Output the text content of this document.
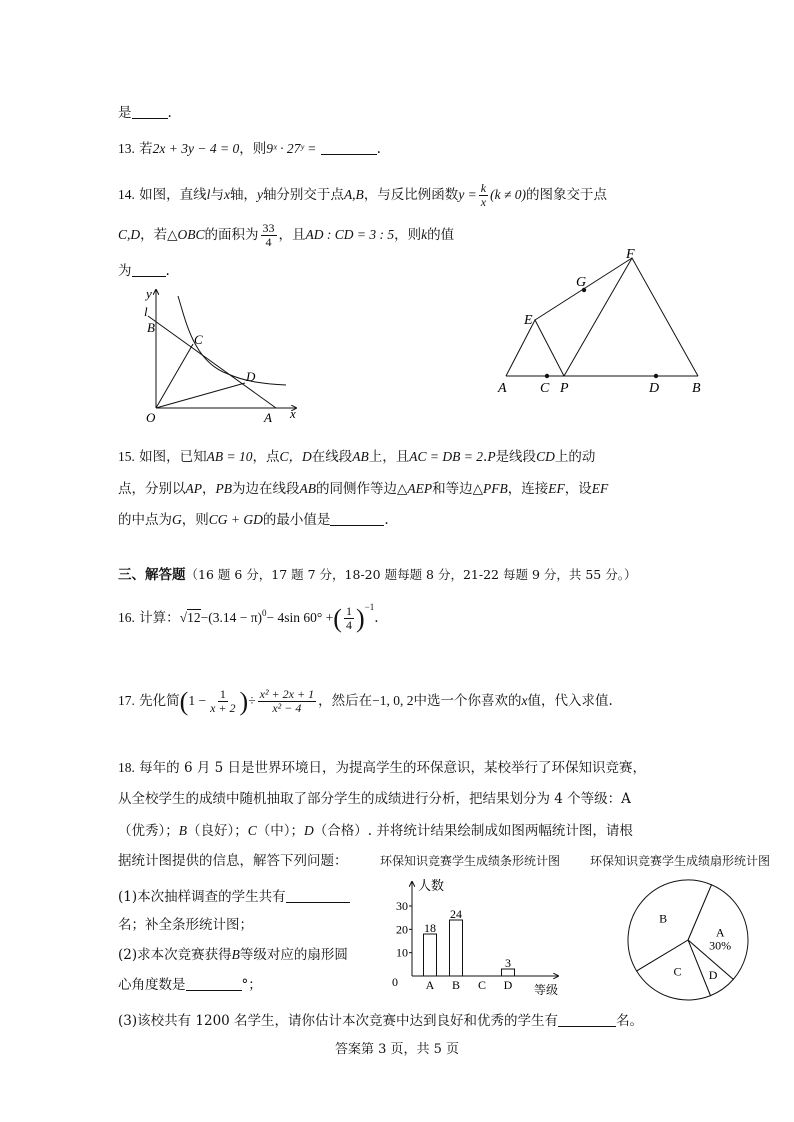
是	.
13. 若2x + 3y − 4 = 0，则9ˣ · 27ʸ =	.
14. 如图，直线l与x轴，y轴分别交于点A,B，与反比例函数$y = \frac{k}{x} (k \ne 0)$的图象交于点
C,D，若△OBC的面积为 $\frac{33}{4}$ ，且AD : CD = 3 : 5，则k的值
为	.
y
l
B
C
D
O	A x
F
G
E
A C P	D B
15. 如图，已知AB = 10，点C，D在线段AB上，且AC = DB = 2.P是线段CD上的动
点，分别以AP，PB为边在线段AB的同侧作等边△AEP和等边△PFB，连接EF，设EF
的中点为G，则CG + GD的最小值是	.
三、解答题（16 题 6 分，17 题 7 分，18-20 题每题 8 分，21-22 每题 9 分，共 55 分。）
16. 计算：$√12-(3.14 - \pi)^0- 4\sin$ 60° +( $\frac{1}{4} )^{-1}$.
17. 先化简($1 - \frac{1}{x + 2}$ )÷ $\frac{\text{x² + 2x + 1}}{\text{x² − 4}}$ ，然后在−1, 0, 2中选一个你喜欢的x值，代入求值.
18. 每年的 6 月 5 日是世界环境日，为提高学生的环保意识，某校举行了环保知识竞赛，
从全校学生的成绩中随机抽取了部分学生的成绩进行分析，把结果划分为 4 个等级：A
（优秀）；B（良好）；C（中）；D（合格）. 并将统计结果绘制成如图两幅统计图，请根
据统计图提供的信息，解答下列问题：	环保知识竞赛学生成绩条形统计图 环保知识竞赛学生成绩扇形统计图
(1)本次抽样调查的学生共有
名；补全条形统计图；
(2)求本次竞赛获得B等级对应的扇形圆
心角度数是	°；
(3)该校共有 1200 名学生，请你估计本次竞赛中达到良好和优秀的学生有	名。
10
20
30
18
24
3
A B C D
人数
等级
0
A
30%
D
C
B
答案第 3 页，共 5 页
